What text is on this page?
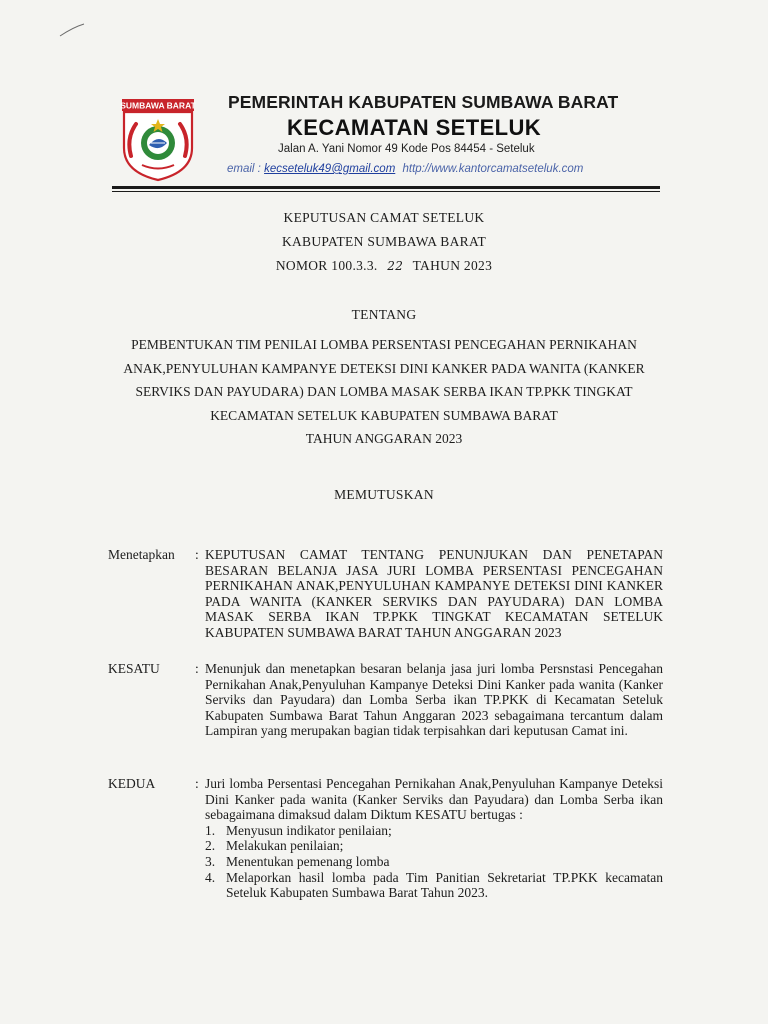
SUMBAWA BARAT PEMERINTAH KABUPATEN SUMBAWA BARAT
KECAMATAN SETELUK
Jalan A. Yani Nomor 49 Kode Pos 84454 - Seteluk
email : kecseteluk49@gmail.com http://www.kantorcamatseteluk.com
KEPUTUSAN CAMAT SETELUK
KABUPATEN SUMBAWA BARAT
NOMOR 100.3.3. 22 TAHUN 2023
TENTANG

PEMBENTUKAN TIM PENILAI LOMBA PERSENTASI PENCEGAHAN PERNIKAHAN

ANAK,PENYULUHAN KAMPANYE DETEKSI DINI KANKER PADA WANITA (KANKER

SERVIKS DAN PAYUDARA) DAN LOMBA MASAK SERBA IKAN TP.PKK TINGKAT

KECAMATAN SETELUK KABUPATEN SUMBAWA BARAT

TAHUN ANGGARAN 2023

MEMUTUSKAN
Menetapkan : KEPUTUSAN CAMAT TENTANG PENUNJUKAN DAN PENETAPAN BESARAN BELANJA JASA JURI LOMBA PERSENTASI PENCEGAHAN PERNIKAHAN ANAK,PENYULUHAN KAMPANYE DETEKSI DINI KANKER PADA WANITA (KANKER SERVIKS DAN PAYUDARA) DAN LOMBA MASAK SERBA IKAN TP.PKK TINGKAT KECAMATAN SETELUK KABUPATEN SUMBAWA BARAT TAHUN ANGGARAN 2023
KESATU	: Menunjuk dan menetapkan besaran belanja jasa juri lomba Persnstasi Pencegahan Pernikahan Anak,Penyuluhan Kampanye Deteksi Dini Kanker pada wanita (Kanker Serviks dan Payudara) dan Lomba Serba ikan TP.PKK di Kecamatan Seteluk Kabupaten Sumbawa Barat Tahun Anggaran 2023 sebagaimana tercantum dalam Lampiran yang merupakan bagian tidak terpisahkan dari keputusan Camat ini.
KEDUA	: Juri lomba Persentasi Pencegahan Pernikahan Anak,Penyuluhan Kampanye Deteksi Dini Kanker pada wanita (Kanker Serviks dan Payudara) dan Lomba Serba ikan sebagaimana dimaksud dalam Diktum KESATU bertugas :
1. Menyusun indikator penilaian;
2. Melakukan penilaian;
3. Menentukan pemenang lomba
4. Melaporkan hasil lomba pada Tim Panitian Sekretariat TP.PKK kecamatan Seteluk Kabupaten Sumbawa Barat Tahun 2023.
